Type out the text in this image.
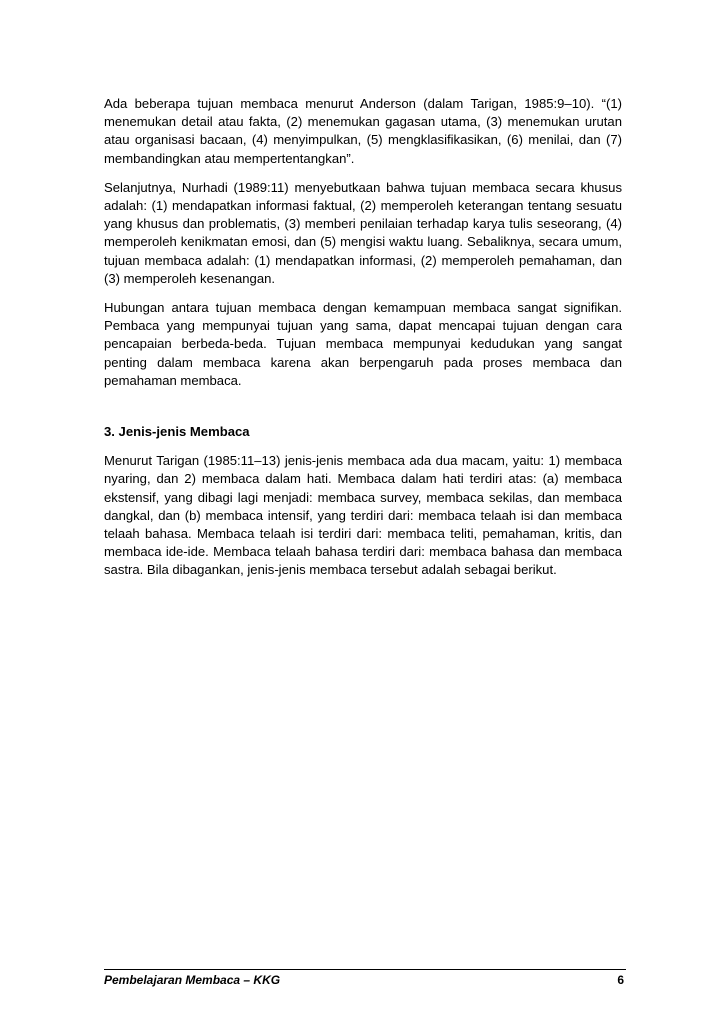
Ada beberapa tujuan membaca menurut Anderson (dalam Tarigan, 1985:9–10). “(1) menemukan detail atau fakta, (2) menemukan gagasan utama, (3) menemukan urutan atau organisasi bacaan, (4) menyimpulkan, (5) mengklasifikasikan, (6) menilai, dan (7) membandingkan atau mempertentangkan”.

Selanjutnya, Nurhadi (1989:11) menyebutkaan bahwa tujuan membaca secara khusus adalah: (1) mendapatkan informasi faktual, (2) memperoleh keterangan tentang sesuatu yang khusus dan problematis, (3) memberi penilaian terhadap karya tulis seseorang, (4) memperoleh kenikmatan emosi, dan (5) mengisi waktu luang. Sebaliknya, secara umum, tujuan membaca adalah: (1) mendapatkan informasi, (2) memperoleh pemahaman, dan (3) memperoleh kesenangan.

Hubungan antara tujuan membaca dengan kemampuan membaca sangat signifikan. Pembaca yang mempunyai tujuan yang sama, dapat mencapai tujuan dengan cara pencapaian berbeda-beda. Tujuan membaca mempunyai kedudukan yang sangat penting dalam membaca karena akan berpengaruh pada proses membaca dan pemahaman membaca.

3. Jenis-jenis Membaca

Menurut Tarigan (1985:11–13) jenis-jenis membaca ada dua macam, yaitu: 1) membaca nyaring, dan 2) membaca dalam hati. Membaca dalam hati terdiri atas: (a) membaca ekstensif, yang dibagi lagi menjadi: membaca survey, membaca sekilas, dan membaca dangkal, dan (b) membaca intensif, yang terdiri dari: membaca telaah isi dan membaca telaah bahasa. Membaca telaah isi terdiri dari: membaca teliti, pemahaman, kritis, dan membaca ide-ide. Membaca telaah bahasa terdiri dari: membaca bahasa dan membaca sastra. Bila dibagankan, jenis-jenis membaca tersebut adalah sebagai berikut.

Pembelajaran Membaca – KKG	6
